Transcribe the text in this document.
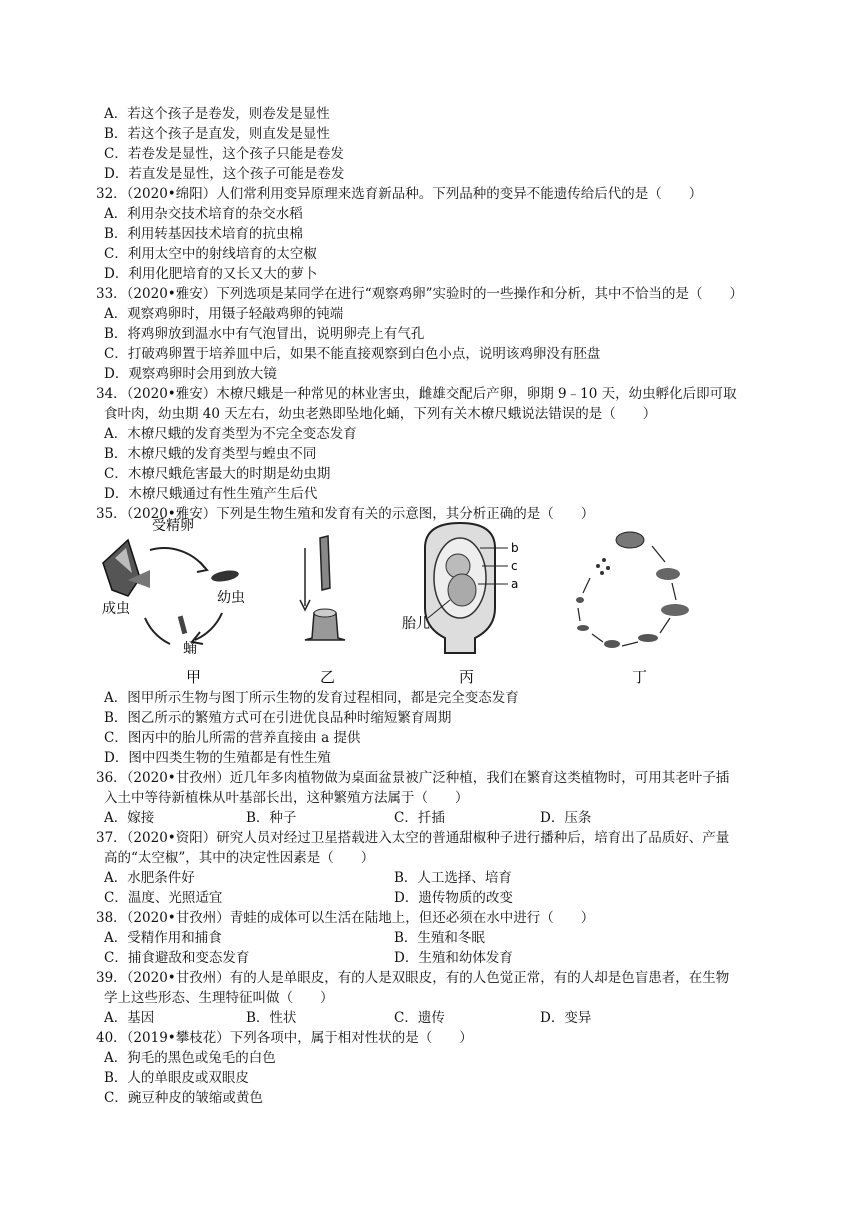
A．若这个孩子是卷发，则卷发是显性
B．若这个孩子是直发，则直发是显性
C．若卷发是显性，这个孩子只能是卷发
D．若直发是显性，这个孩子可能是卷发
32．（2020•绵阳）人们常利用变异原理来选育新品种。下列品种的变异不能遗传给后代的是（　　）
A．利用杂交技术培育的杂交水稻
B．利用转基因技术培育的抗虫棉
C．利用太空中的射线培育的太空椒
D．利用化肥培育的又长又大的萝卜
33．（2020•雅安）下列选项是某同学在进行“观察鸡卵”实验时的一些操作和分析，其中不恰当的是（　　）
A．观察鸡卵时，用镊子轻敲鸡卵的钝端
B．将鸡卵放到温水中有气泡冒出，说明卵壳上有气孔
C．打破鸡卵置于培养皿中后，如果不能直接观察到白色小点，说明该鸡卵没有胚盘
D．观察鸡卵时会用到放大镜
34．（2020•雅安）木橑尺蛾是一种常见的林业害虫，雌雄交配后产卵，卵期 9﹣10 天，幼虫孵化后即可取
食叶肉，幼虫期 40 天左右，幼虫老熟即坠地化蛹，下列有关木橑尺蛾说法错误的是（　　）
A．木橑尺蛾的发育类型为不完全变态发育
B．木橑尺蛾的发育类型与蝗虫不同
C．木橑尺蛾危害最大的时期是幼虫期
D．木橑尺蛾通过有性生殖产生后代
35．（2020•雅安）下列是生物生殖和发育有关的示意图，其分析正确的是（　　）
受精卵
幼虫
蛹
成虫
b
c
a
胎儿
甲	乙	丙	丁
A．图甲所示生物与图丁所示生物的发育过程相同，都是完全变态发育
B．图乙所示的繁殖方式可在引进优良品种时缩短繁育周期
C．图丙中的胎儿所需的营养直接由 a 提供
D．图中四类生物的生殖都是有性生殖
36．（2020•甘孜州）近几年多肉植物做为桌面盆景被广泛种植，我们在繁育这类植物时，可用其老叶子插
入土中等待新植株从叶基部长出，这种繁殖方法属于（　　）
A．嫁接	B．种子	C．扦插	D．压条
37．（2020•资阳）研究人员对经过卫星搭载进入太空的普通甜椒种子进行播种后，培育出了品质好、产量
高的“太空椒”，其中的决定性因素是（　　）
A．水肥条件好	B．人工选择、培育
C．温度、光照适宜	D．遗传物质的改变
38．（2020•甘孜州）青蛙的成体可以生活在陆地上，但还必须在水中进行（　　）
A．受精作用和捕食	B．生殖和冬眠
C．捕食避敌和变态发育	D．生殖和幼体发育
39．（2020•甘孜州）有的人是单眼皮，有的人是双眼皮，有的人色觉正常，有的人却是色盲患者，在生物
学上这些形态、生理特征叫做（　　）
A．基因	B．性状	C．遗传	D．变异
40．（2019•攀枝花）下列各项中，属于相对性状的是（　　）
A．狗毛的黑色或兔毛的白色
B．人的单眼皮或双眼皮
C．豌豆种皮的皱缩或黄色
